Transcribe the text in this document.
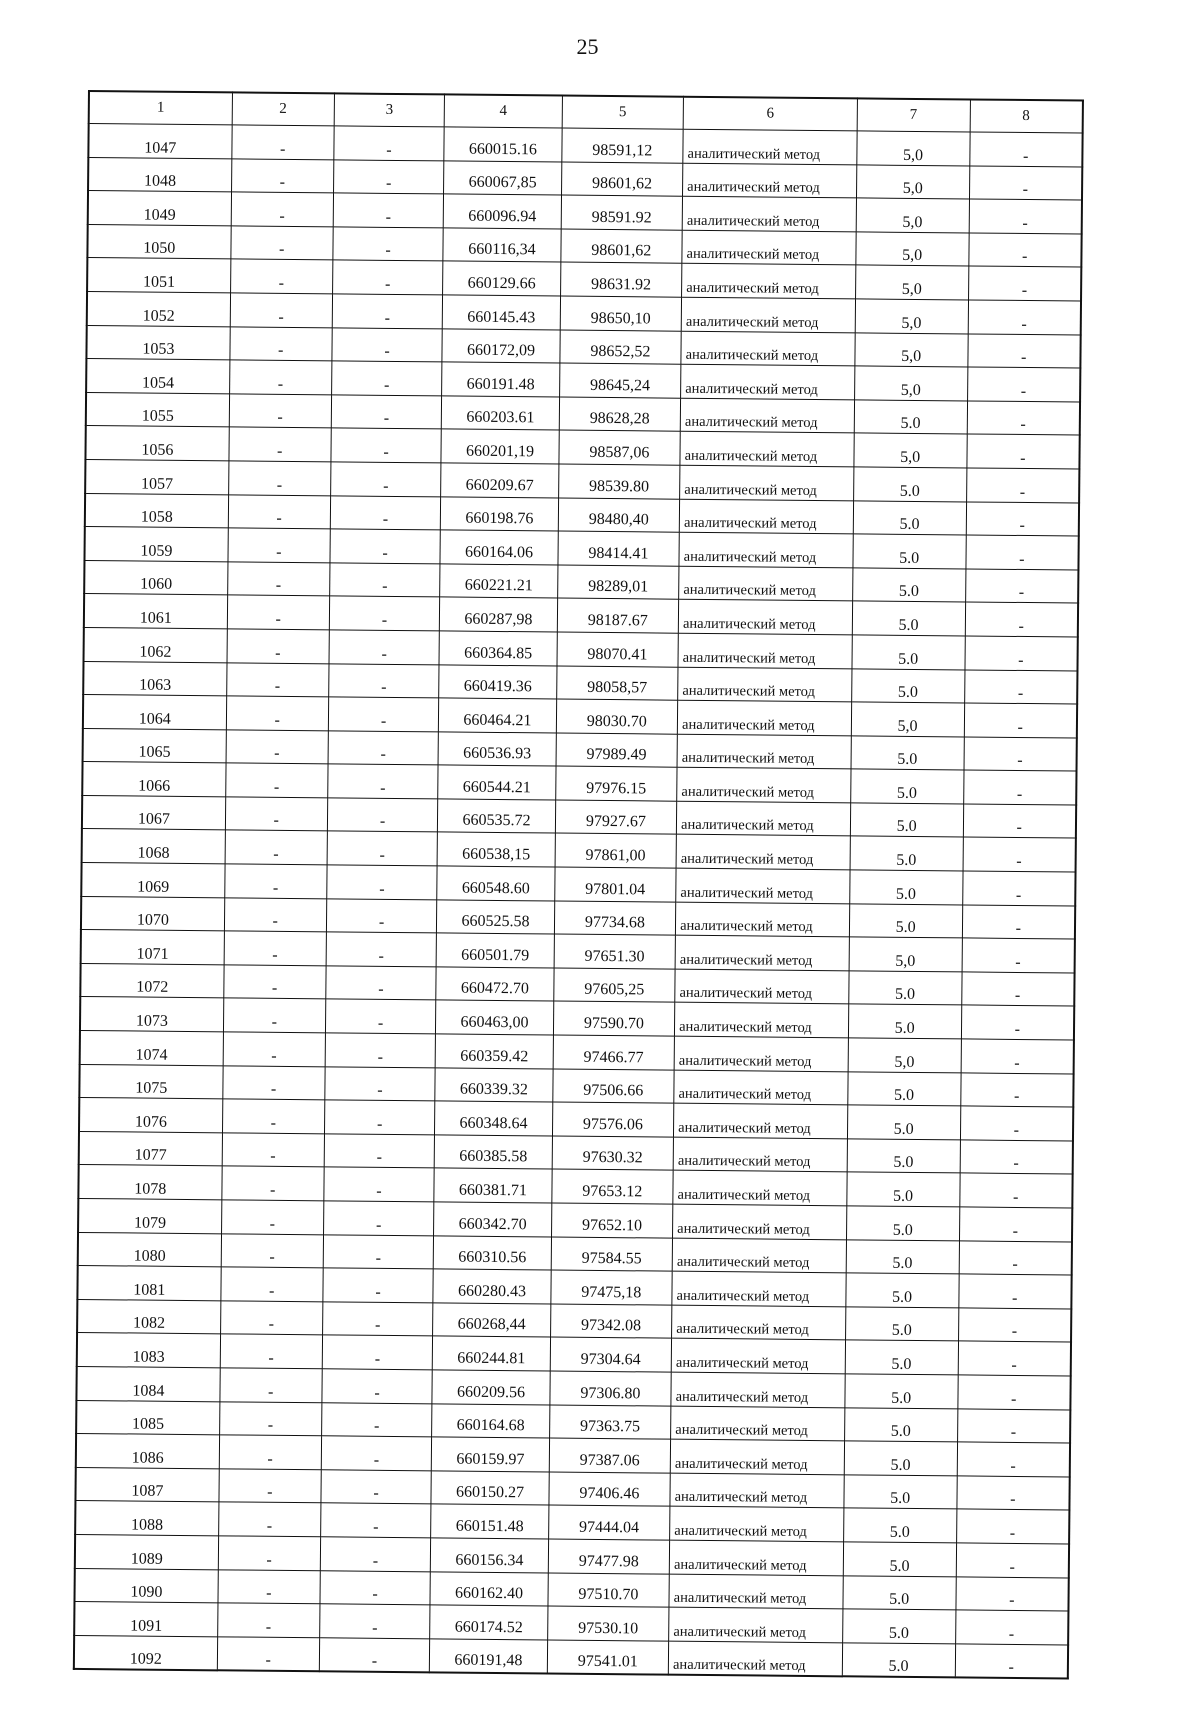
25
1	2	3	4	5	6	7	8
1047	-	-	660015.16	98591,12	аналитический метод	5,0	-
1048	-	-	660067,85	98601,62	аналитический метод	5,0	-
1049	-	-	660096.94	98591.92	аналитический метод	5,0	-
1050	-	-	660116,34	98601,62	аналитический метод	5,0	-
1051	-	-	660129.66	98631.92	аналитический метод	5,0	-
1052	-	-	660145.43	98650,10	аналитический метод	5,0	-
1053	-	-	660172,09	98652,52	аналитический метод	5,0	-
1054	-	-	660191.48	98645,24	аналитический метод	5,0	-
1055	-	-	660203.61	98628,28	аналитический метод	5.0	-
1056	-	-	660201,19	98587,06	аналитический метод	5,0	-
1057	-	-	660209.67	98539.80	аналитический метод	5.0	-
1058	-	-	660198.76	98480,40	аналитический метод	5.0	-
1059	-	-	660164.06	98414.41	аналитический метод	5.0	-
1060	-	-	660221.21	98289,01	аналитический метод	5.0	-
1061	-	-	660287,98	98187.67	аналитический метод	5.0	-
1062	-	-	660364.85	98070.41	аналитический метод	5.0	-
1063	-	-	660419.36	98058,57	аналитический метод	5.0	-
1064	-	-	660464.21	98030.70	аналитический метод	5,0	-
1065	-	-	660536.93	97989.49	аналитический метод	5.0	-
1066	-	-	660544.21	97976.15	аналитический метод	5.0	-
1067	-	-	660535.72	97927.67	аналитический метод	5.0	-
1068	-	-	660538,15	97861,00	аналитический метод	5.0	-
1069	-	-	660548.60	97801.04	аналитический метод	5.0	-
1070	-	-	660525.58	97734.68	аналитический метод	5.0	-
1071	-	-	660501.79	97651.30	аналитический метод	5,0	-
1072	-	-	660472.70	97605,25	аналитический метод	5.0	-
1073	-	-	660463,00	97590.70	аналитический метод	5.0	-
1074	-	-	660359.42	97466.77	аналитический метод	5,0	-
1075	-	-	660339.32	97506.66	аналитический метод	5.0	-
1076	-	-	660348.64	97576.06	аналитический метод	5.0	-
1077	-	-	660385.58	97630.32	аналитический метод	5.0	-
1078	-	-	660381.71	97653.12	аналитический метод	5.0	-
1079	-	-	660342.70	97652.10	аналитический метод	5.0	-
1080	-	-	660310.56	97584.55	аналитический метод	5.0	-
1081	-	-	660280.43	97475,18	аналитический метод	5.0	-
1082	-	-	660268,44	97342.08	аналитический метод	5.0	-
1083	-	-	660244.81	97304.64	аналитический метод	5.0	-
1084	-	-	660209.56	97306.80	аналитический метод	5.0	-
1085	-	-	660164.68	97363.75	аналитический метод	5.0	-
1086	-	-	660159.97	97387.06	аналитический метод	5.0	-
1087	-	-	660150.27	97406.46	аналитический метод	5.0	-
1088	-	-	660151.48	97444.04	аналитический метод	5.0	-
1089	-	-	660156.34	97477.98	аналитический метод	5.0	-
1090	-	-	660162.40	97510.70	аналитический метод	5.0	-
1091	-	-	660174.52	97530.10	аналитический метод	5.0	-
1092	-	-	660191,48	97541.01	аналитический метод	5.0	-
